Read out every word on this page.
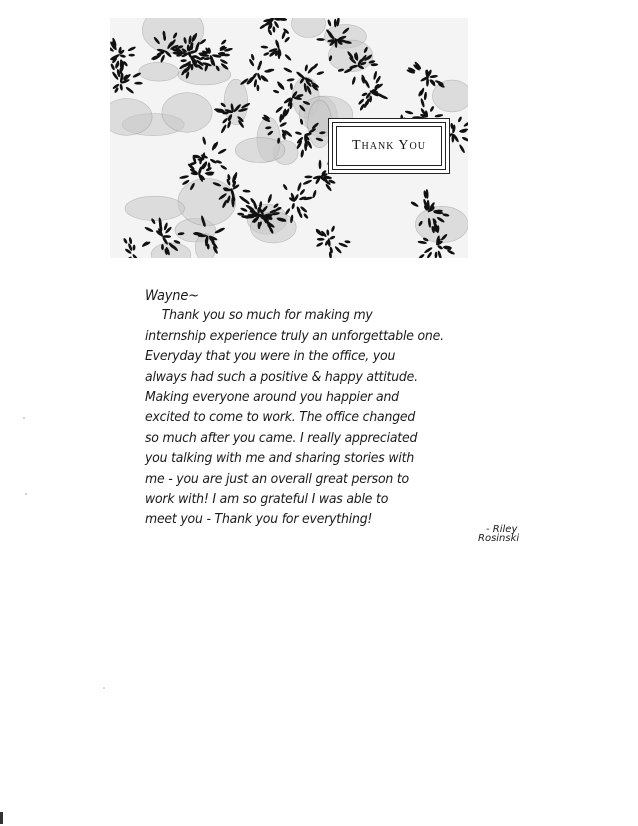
Thank You
Wayne~
Thank you so much for making my
internship experience truly an unforgettable one.
Everyday that you were in the office, you
always had such a positive & happy attitude.
Making everyone around you happier and
excited to come to work. The office changed
so much after you came. I really appreciated
you talking with me and sharing stories with
me - you are just an overall great person to
work with! I am so grateful I was able to
meet you - Thank you for everything!
- Riley
Rosinski
